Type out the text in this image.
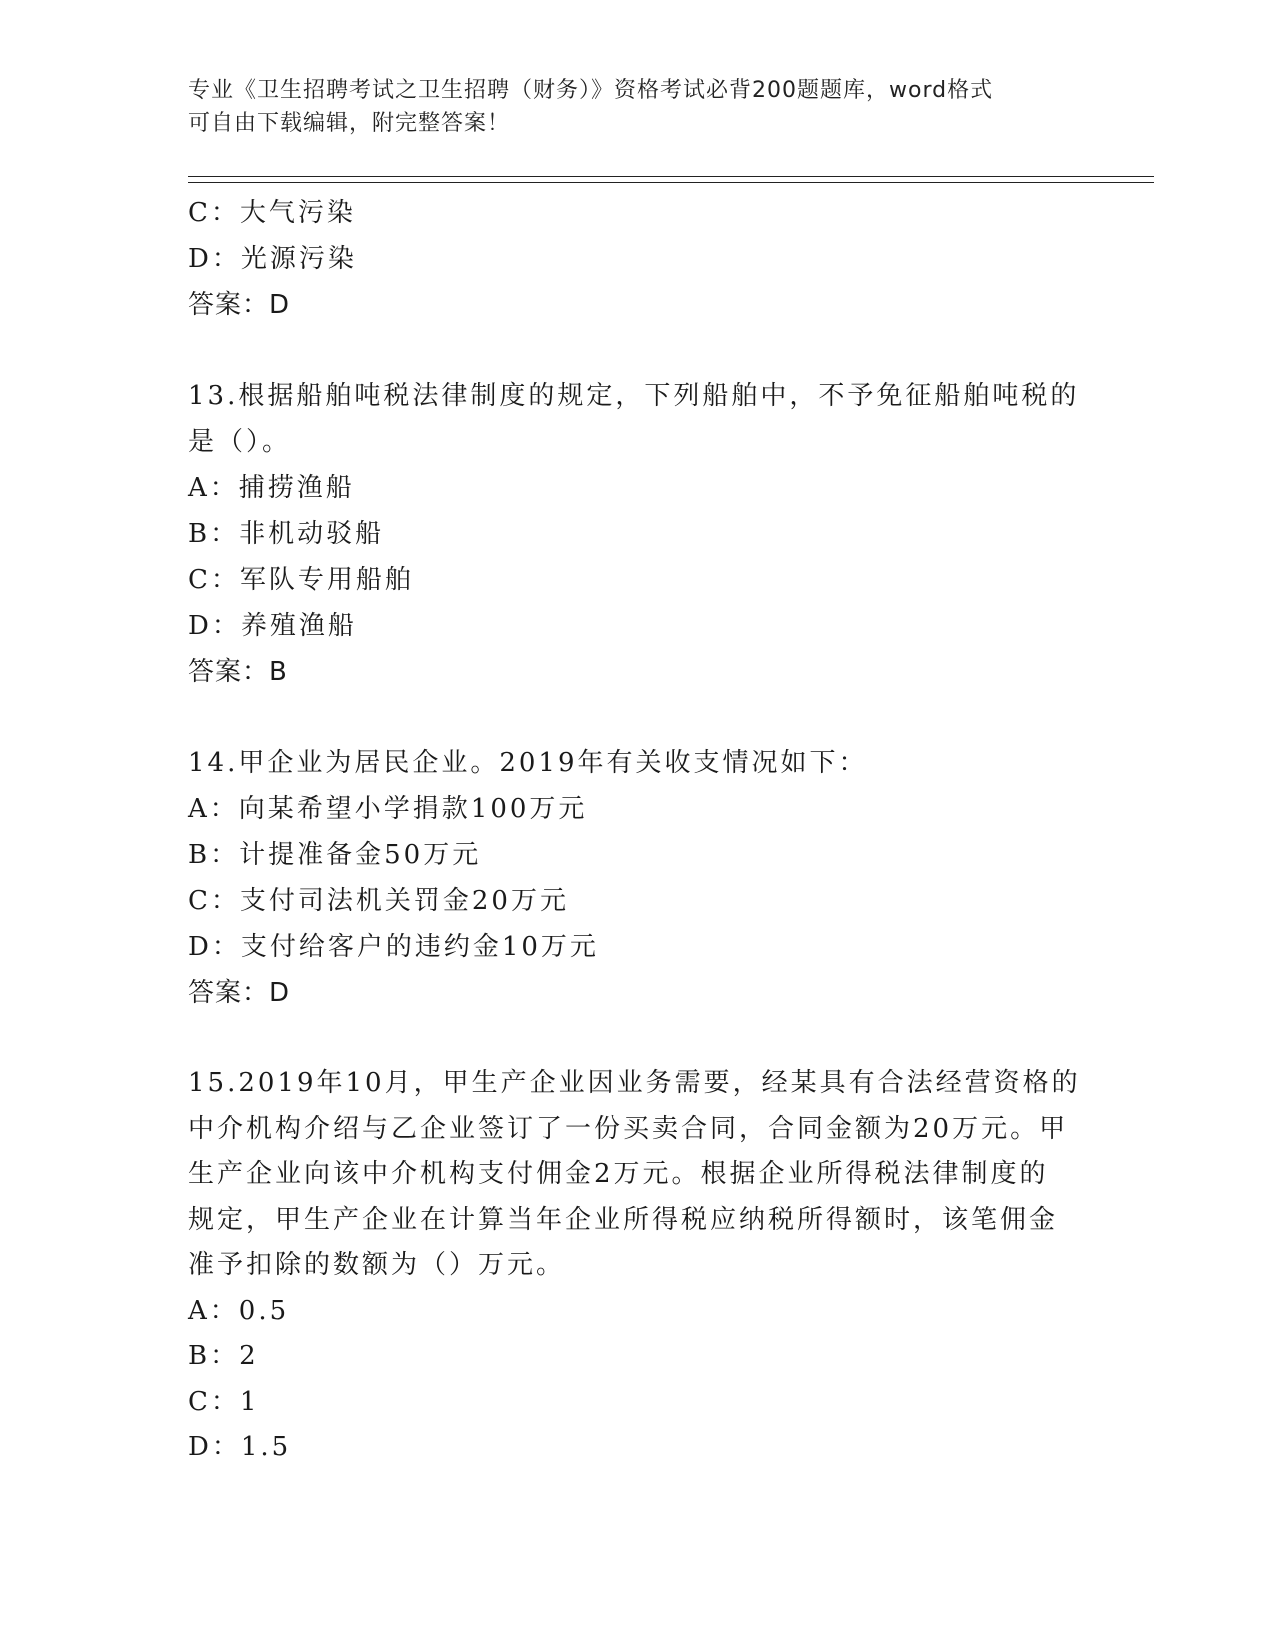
专业《卫生招聘考试之卫生招聘（财务）》资格考试必背200题题库，word格式
可自由下载编辑，附完整答案！
C：大气污染
D：光源污染
答案：D
13.根据船舶吨税法律制度的规定，下列船舶中，不予免征船舶吨税的
是（）。
A：捕捞渔船
B：非机动驳船
C：军队专用船舶
D：养殖渔船
答案：B
14.甲企业为居民企业。2019年有关收支情况如下：
A：向某希望小学捐款100万元
B：计提准备金50万元
C：支付司法机关罚金20万元
D：支付给客户的违约金10万元
答案：D
15.2019年10月，甲生产企业因业务需要，经某具有合法经营资格的
中介机构介绍与乙企业签订了一份买卖合同，合同金额为20万元。甲
生产企业向该中介机构支付佣金2万元。根据企业所得税法律制度的
规定，甲生产企业在计算当年企业所得税应纳税所得额时，该笔佣金
准予扣除的数额为（）万元。
A：0.5
B：2
C：1
D：1.5
